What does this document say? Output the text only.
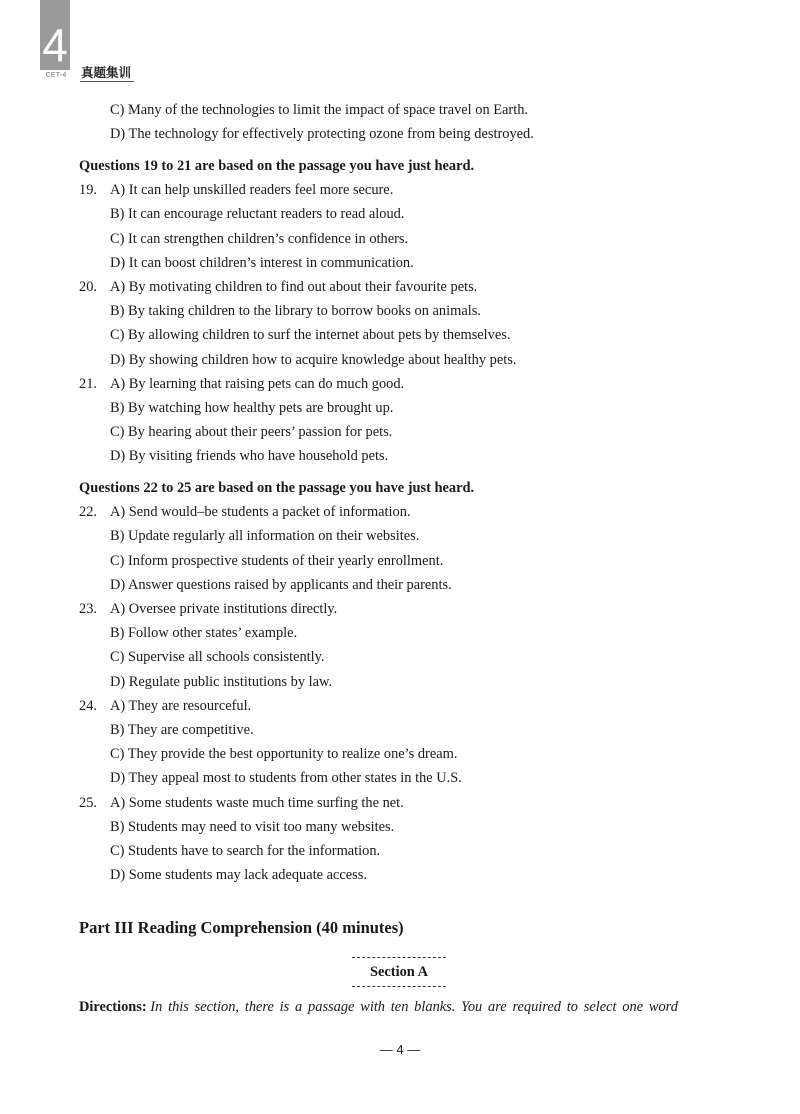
4
CET-4	真题集训
C) Many of the technologies to limit the impact of space travel on Earth.
D) The technology for effectively protecting ozone from being destroyed.
Questions 19 to 21 are based on the passage you have just heard.
19. A) It can help unskilled readers feel more secure.
B) It can encourage reluctant readers to read aloud.
C) It can strengthen children’s confidence in others.
D) It can boost children’s interest in communication.
20. A) By motivating children to find out about their favourite pets.
B) By taking children to the library to borrow books on animals.
C) By allowing children to surf the internet about pets by themselves.
D) By showing children how to acquire knowledge about healthy pets.
21. A) By learning that raising pets can do much good.
B) By watching how healthy pets are brought up.
C) By hearing about their peers’ passion for pets.
D) By visiting friends who have household pets.
Questions 22 to 25 are based on the passage you have just heard.
22. A) Send would–be students a packet of information.
B) Update regularly all information on their websites.
C) Inform prospective students of their yearly enrollment.
D) Answer questions raised by applicants and their parents.
23. A) Oversee private institutions directly.
B) Follow other states’ example.
C) Supervise all schools consistently.
D) Regulate public institutions by law.
24. A) They are resourceful.
B) They are competitive.
C) They provide the best opportunity to realize one’s dream.
D) They appeal most to students from other states in the U.S.
25. A) Some students waste much time surfing the net.
B) Students may need to visit too many websites.
C) Students have to search for the information.
D) Some students may lack adequate access.
Part III Reading Comprehension (40 minutes)
Section A
Directions: In this section, there is a passage with ten blanks. You are required to select one word
— 4 —
